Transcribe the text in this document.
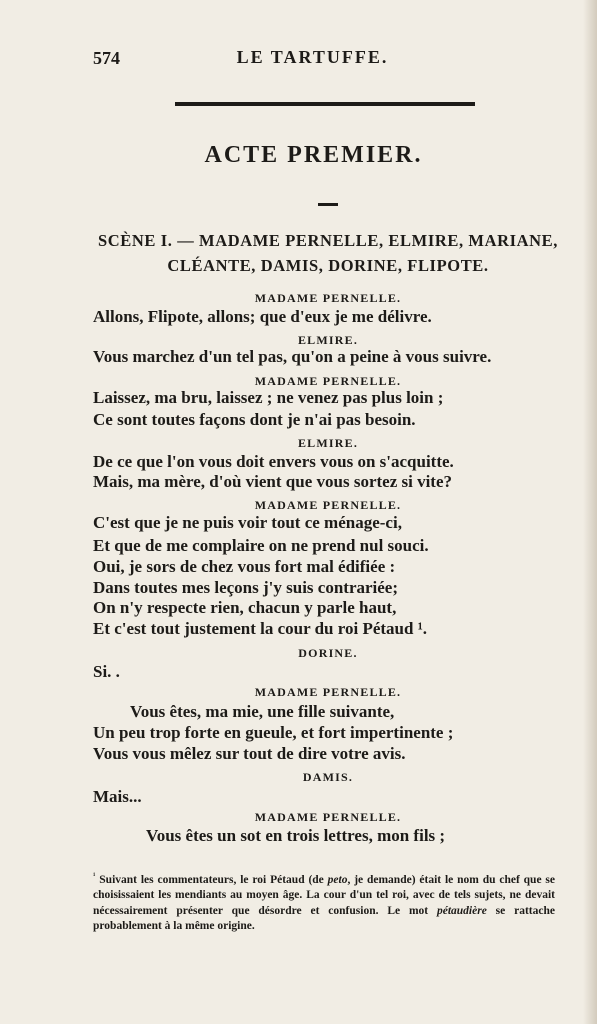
574	LE TARTUFFE.
ACTE PREMIER.
SCÈNE I. — MADAME PERNELLE, ELMIRE, MARIANE, CLÉANTE, DAMIS, DORINE, FLIPOTE.
MADAME PERNELLE.
Allons, Flipote, allons; que d'eux je me délivre.
ELMIRE.
Vous marchez d'un tel pas, qu'on a peine à vous suivre.
MADAME PERNELLE.
Laissez, ma bru, laissez ; ne venez pas plus loin ;
Ce sont toutes façons dont je n'ai pas besoin.
ELMIRE.
De ce que l'on vous doit envers vous on s'acquitte.
Mais, ma mère, d'où vient que vous sortez si vite?
MADAME PERNELLE.
C'est que je ne puis voir tout ce ménage-ci,
Et que de me complaire on ne prend nul souci.
Oui, je sors de chez vous fort mal édifiée :
Dans toutes mes leçons j'y suis contrariée;
On n'y respecte rien, chacun y parle haut,
Et c'est tout justement la cour du roi Pétaud ¹.
DORINE.
Si. .
MADAME PERNELLE.
Vous êtes, ma mie, une fille suivante,
Un peu trop forte en gueule, et fort impertinente ;
Vous vous mêlez sur tout de dire votre avis.
DAMIS.
Mais...
MADAME PERNELLE.
Vous êtes un sot en trois lettres, mon fils ;
$^{^1}$ Suivant les commentateurs, le roi Pétaud (de peto, je demande) était le nom du chef que se choisissaient les mendiants au moyen âge. La cour d'un tel roi, avec de tels sujets, ne devait nécessairement présenter que désordre et confusion. Le mot pétaudière se rattache probablement à la même origine.
